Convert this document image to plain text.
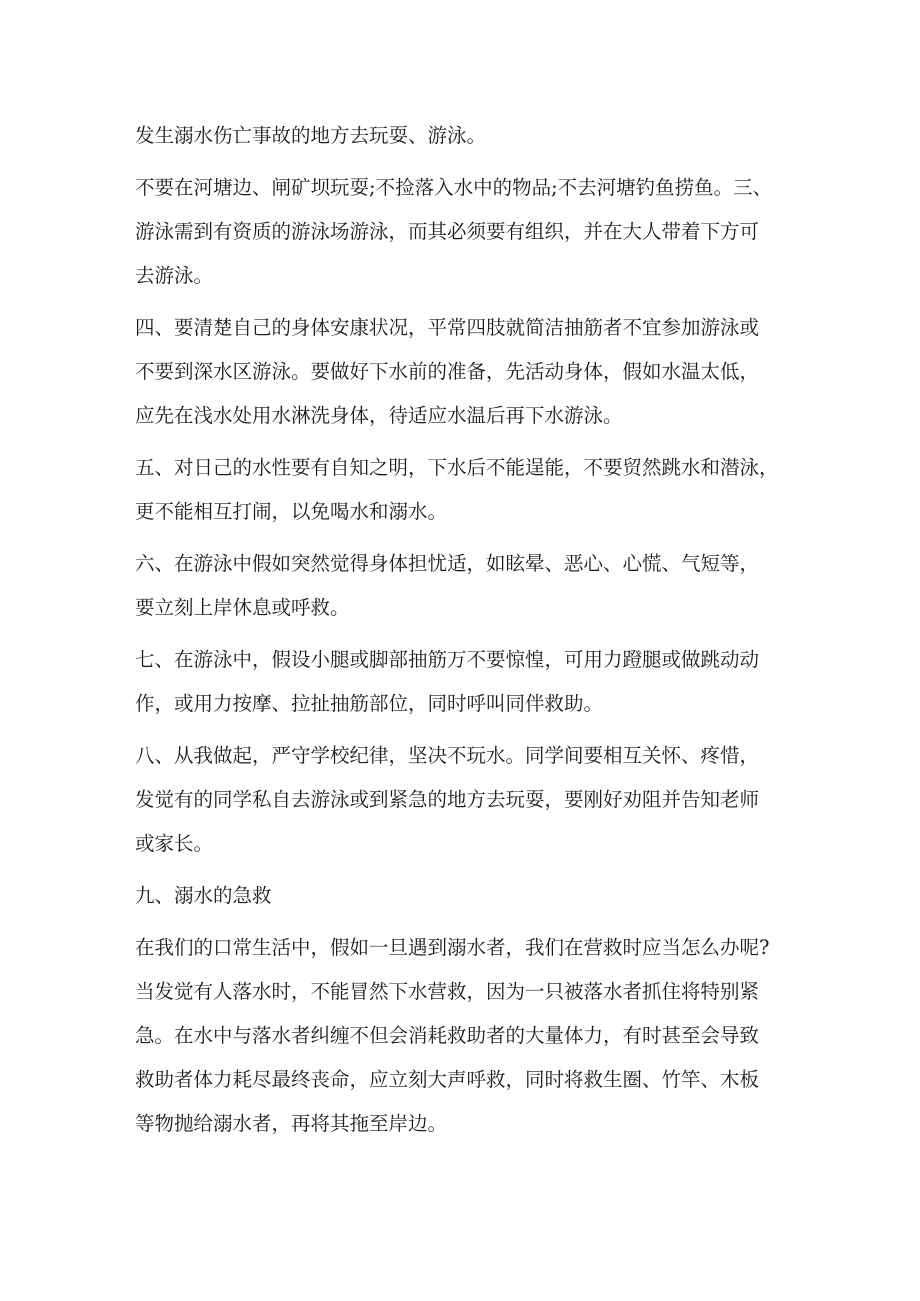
发生溺水伤亡事故的地方去玩耍、游泳。
不要在河塘边、闸矿坝玩耍;不捡落入水中的物品;不去河塘钓鱼捞鱼。三、
游泳需到有资质的游泳场游泳，而其必须要有组织，并在大人带着下方可
去游泳。
四、要清楚自己的身体安康状况，平常四肢就简洁抽筋者不宜参加游泳或
不要到深水区游泳。要做好下水前的准备，先活动身体，假如水温太低，
应先在浅水处用水淋洗身体，待适应水温后再下水游泳。
五、对日己的水性要有自知之明，下水后不能逞能，不要贸然跳水和潜泳，
更不能相互打闹，以免喝水和溺水。
六、在游泳中假如突然觉得身体担忧适，如眩晕、恶心、心慌、气短等，
要立刻上岸休息或呼救。
七、在游泳中，假设小腿或脚部抽筋万不要惊惶，可用力蹬腿或做跳动动
作，或用力按摩、拉扯抽筋部位，同时呼叫同伴救助。
八、从我做起，严守学校纪律，坚决不玩水。同学间要相互关怀、疼惜，
发觉有的同学私自去游泳或到紧急的地方去玩耍，要刚好劝阻并告知老师
或家长。
九、溺水的急救
在我们的口常生活中，假如一旦遇到溺水者，我们在营救时应当怎么办呢?
当发觉有人落水时，不能冒然下水营救，因为一只被落水者抓住将特别紧
急。在水中与落水者纠缠不但会消耗救助者的大量体力，有时甚至会导致
救助者体力耗尽最终丧命，应立刻大声呼救，同时将救生圈、竹竿、木板
等物抛给溺水者，再将其拖至岸边。
